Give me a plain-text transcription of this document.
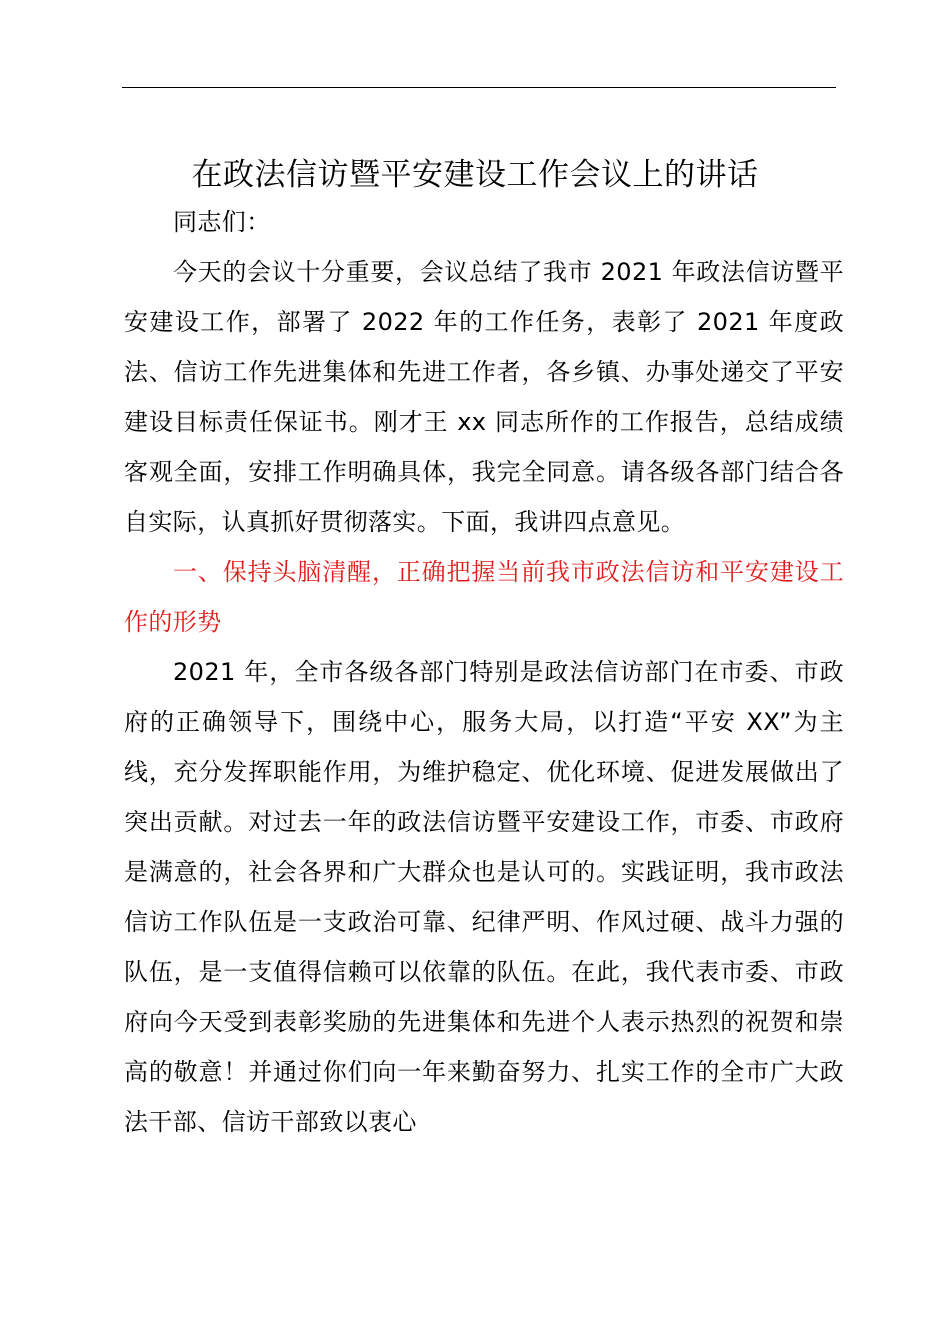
在政法信访暨平安建设工作会议上的讲话

同志们：

今天的会议十分重要，会议总结了我市 2021 年政法信访暨平安建设工作，部署了 2022 年的工作任务，表彰了 2021 年度政法、信访工作先进集体和先进工作者，各乡镇、办事处递交了平安建设目标责任保证书。刚才王 xx 同志所作的工作报告，总结成绩客观全面，安排工作明确具体，我完全同意。请各级各部门结合各自实际，认真抓好贯彻落实。下面，我讲四点意见。

一、保持头脑清醒，正确把握当前我市政法信访和平安建设工作的形势

2021 年，全市各级各部门特别是政法信访部门在市委、市政府的正确领导下，围绕中心，服务大局，以打造“平安 XX”为主线，充分发挥职能作用，为维护稳定、优化环境、促进发展做出了突出贡献。对过去一年的政法信访暨平安建设工作，市委、市政府是满意的，社会各界和广大群众也是认可的。实践证明，我市政法信访工作队伍是一支政治可靠、纪律严明、作风过硬、战斗力强的队伍，是一支值得信赖可以依靠的队伍。在此，我代表市委、市政府向今天受到表彰奖励的先进集体和先进个人表示热烈的祝贺和崇高的敬意！并通过你们向一年来勤奋努力、扎实工作的全市广大政法干部、信访干部致以衷心
